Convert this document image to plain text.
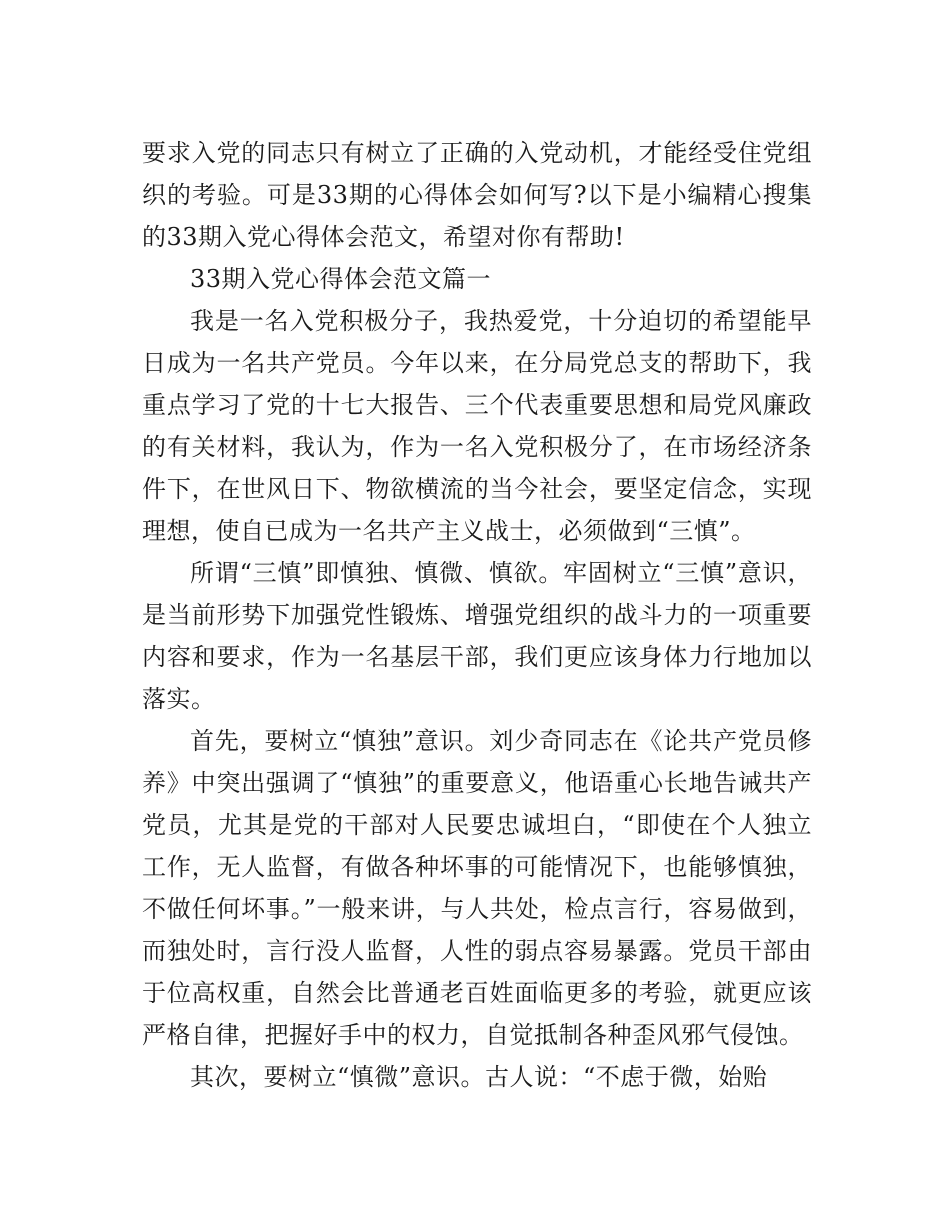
要求入党的同志只有树立了正确的入党动机，才能经受住党组织的考验。可是33期的心得体会如何写?以下是小编精心搜集的33期入党心得体会范文，希望对你有帮助!

33期入党心得体会范文篇一

我是一名入党积极分子，我热爱党，十分迫切的希望能早日成为一名共产党员。今年以来，在分局党总支的帮助下，我重点学习了党的十七大报告、三个代表重要思想和局党风廉政的有关材料，我认为，作为一名入党积极分了，在市场经济条件下，在世风日下、物欲横流的当今社会，要坚定信念，实现理想，使自已成为一名共产主义战士，必须做到“三慎”。

所谓“三慎”即慎独、慎微、慎欲。牢固树立“三慎”意识，是当前形势下加强党性锻炼、增强党组织的战斗力的一项重要内容和要求，作为一名基层干部，我们更应该身体力行地加以落实。

首先，要树立“慎独”意识。刘少奇同志在《论共产党员修养》中突出强调了“慎独”的重要意义，他语重心长地告诫共产党员，尤其是党的干部对人民要忠诚坦白，“即使在个人独立工作，无人监督，有做各种坏事的可能情况下，也能够慎独，不做任何坏事。”一般来讲，与人共处，检点言行，容易做到，而独处时，言行没人监督，人性的弱点容易暴露。党员干部由于位高权重，自然会比普通老百姓面临更多的考验，就更应该严格自律，把握好手中的权力，自觉抵制各种歪风邪气侵蚀。

其次，要树立“慎微”意识。古人说：“不虑于微，始贻
